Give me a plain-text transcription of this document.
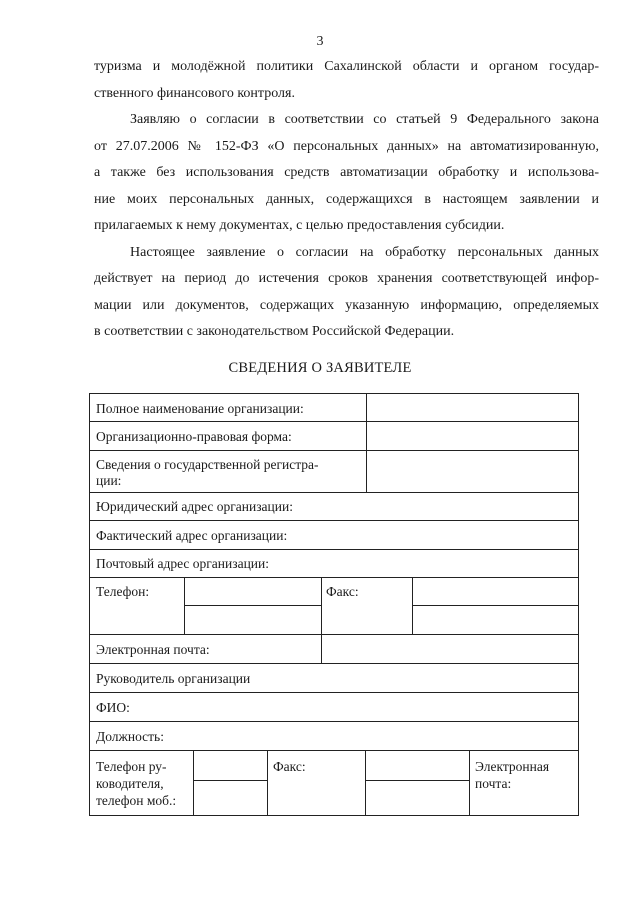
3

туризма и молодёжной политики Сахалинской области и органом государ-

ственного финансового контроля.

Заявляю о согласии в соответствии со статьей 9 Федерального закона

от 27.07.2006 № 152-ФЗ «О персональных данных» на автоматизированную,

а также без использования средств автоматизации обработку и использова-

ние моих персональных данных, содержащихся в настоящем заявлении и

прилагаемых к нему документах, с целью предоставления субсидии.

Настоящее заявление о согласии на обработку персональных данных

действует на период до истечения сроков хранения соответствующей инфор-

мации или документов, содержащих указанную информацию, определяемых

в соответствии с законодательством Российской Федерации.

СВЕДЕНИЯ О ЗАЯВИТЕЛЕ
Полное наименование организации:
Организационно-правовая форма:
Сведения о государственной регистра-
ции:
Юридический адрес организации:
Фактический адрес организации:
Почтовый адрес организации:
Телефон:	Факс:
Электронная почта:
Руководитель организации
ФИО:
Должность:
Телефон ру-
ководителя,
телефон моб.:
Факс:	Электронная
почта:
